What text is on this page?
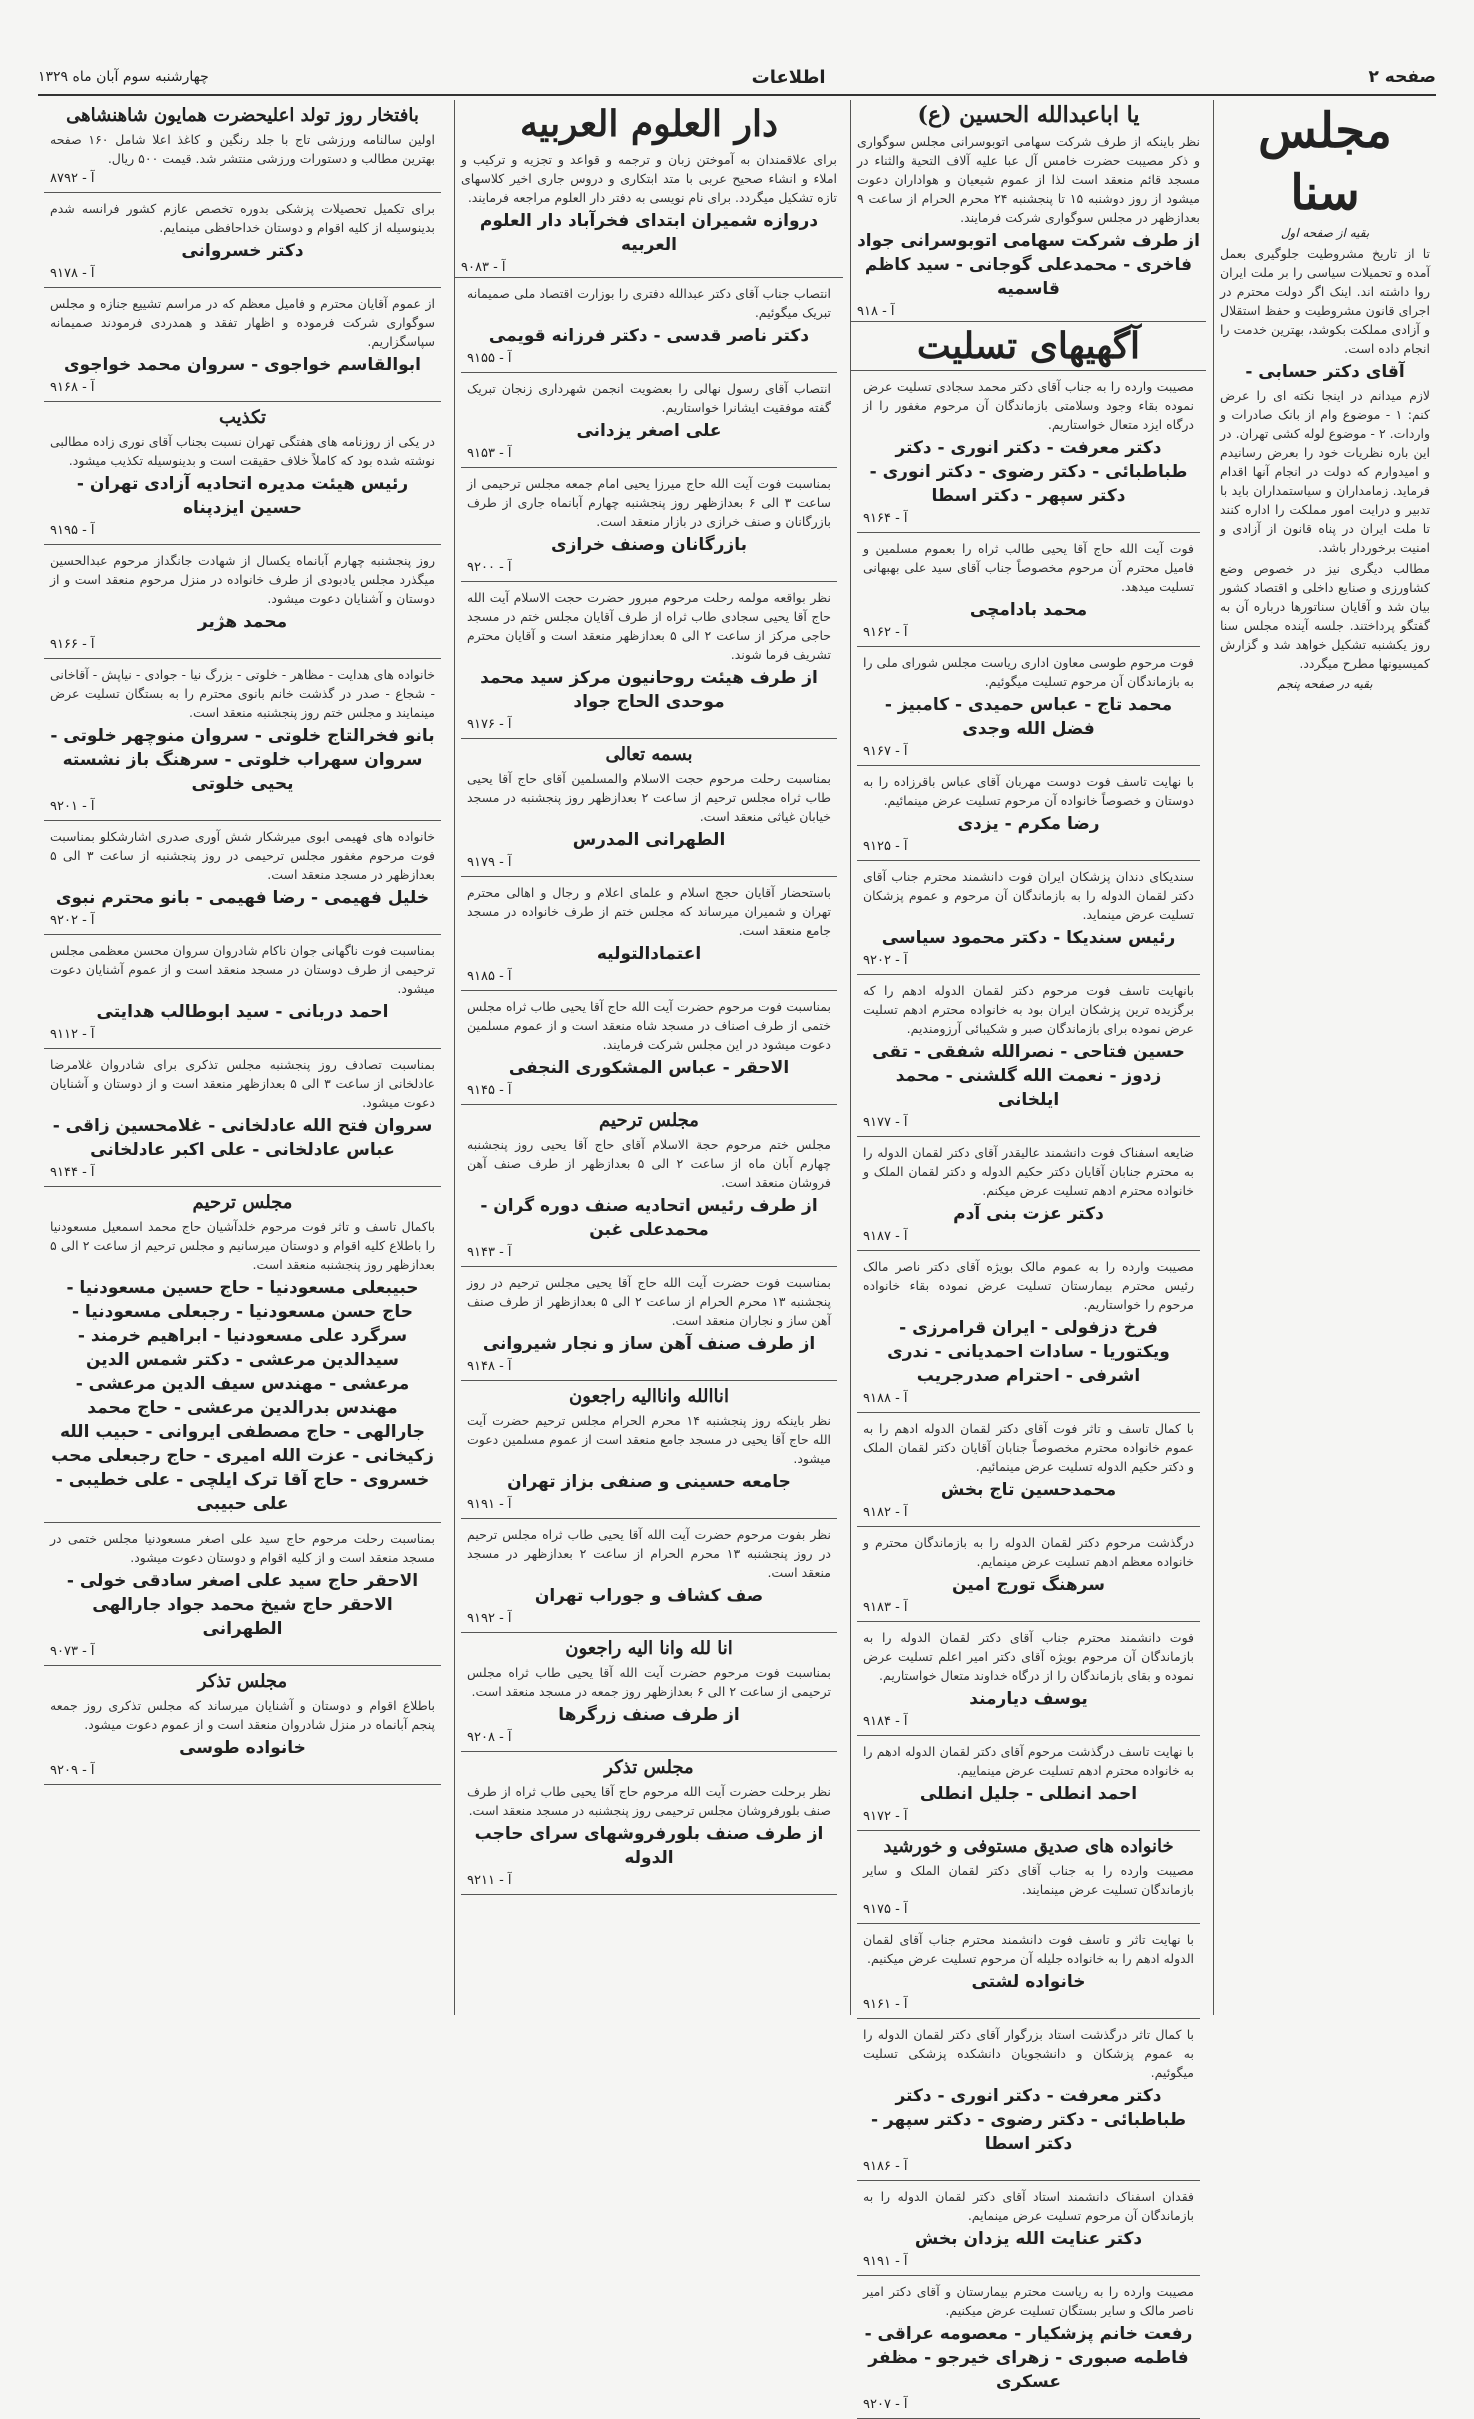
صفحه ۲
اطلاعات
چهارشنبه سوم آبان ماه ۱۳۲۹
مجلس سنا
بقیه از صفحه اول

تا از تاریخ مشروطیت جلوگیری بعمل آمده و تحمیلات سیاسی را بر ملت ایران روا داشته اند. اینک اگر دولت محترم در اجرای قانون مشروطیت و حفظ استقلال و آزادی مملکت بکوشد، بهترین خدمت را انجام داده است.

آقای دکتر حسابی -

لازم میدانم در اینجا نکته ای را عرض کنم: ۱ - موضوع وام از بانک صادرات و واردات. ۲ - موضوع لوله کشی تهران. در این باره نظریات خود را بعرض رسانیدم و امیدوارم که دولت در انجام آنها اقدام فرماید. زمامداران و سیاستمداران باید با تدبیر و درایت امور مملکت را اداره کنند تا ملت ایران در پناه قانون از آزادی و امنیت برخوردار باشد.

مطالب دیگری نیز در خصوص وضع کشاورزی و صنایع داخلی و اقتصاد کشور بیان شد و آقایان سناتورها درباره آن به گفتگو پرداختند. جلسه آینده مجلس سنا روز یکشنبه تشکیل خواهد شد و گزارش کمیسیونها مطرح میگردد.

بقیه در صفحه پنجم
یا اباعبدالله الحسین (ع)

نظر باینکه از طرف شرکت سهامی اتوبوسرانی مجلس سوگواری و ذکر مصیبت حضرت خامس آل عبا علیه آلاف التحیة والثناء در مسجد قائم منعقد است لذا از عموم شیعیان و هواداران دعوت میشود از روز دوشنبه ۱۵ تا پنجشنبه ۲۴ محرم الحرام از ساعت ۹ بعدازظهر در مجلس سوگواری شرکت فرمایند.

از طرف شرکت سهامی اتوبوسرانی جواد فاخری - محمدعلی گوجانی - سید کاظم قاسمیه

آ - ۹۱۸

آگهیهای تسلیت

مصیبت وارده را به جناب آقای دکتر محمد سجادی تسلیت عرض نموده بقاء وجود وسلامتی بازماندگان آن مرحوم مغفور را از درگاه ایزد متعال خواستاریم.

دکتر معرفت - دکتر انوری - دکتر طباطبائی - دکتر رضوی - دکتر انوری - دکتر سپهر - دکتر اسطا

آ - ۹۱۶۴

فوت آیت الله حاج آقا یحیی طالب ثراه را بعموم مسلمین و فامیل محترم آن مرحوم مخصوصاً جناب آقای سید علی بهبهانی تسلیت میدهد.

محمد بادامچی

آ - ۹۱۶۲

فوت مرحوم طوسی معاون اداری ریاست مجلس شورای ملی را به بازماندگان آن مرحوم تسلیت میگوئیم.

محمد تاج - عباس حمیدی - کامبیز - فضل الله وجدی

آ - ۹۱۶۷

با نهایت تاسف فوت دوست مهربان آقای عباس باقرزاده را به دوستان و خصوصاً خانواده آن مرحوم تسلیت عرض مینمائیم.

رضا مکرم - یزدی

آ - ۹۱۲۵

سندیکای دندان پزشکان ایران فوت دانشمند محترم جناب آقای دکتر لقمان الدوله را به بازماندگان آن مرحوم و عموم پزشکان تسلیت عرض مینماید.

رئیس سندیکا - دکتر محمود سیاسی

آ - ۹۲۰۲

بانهایت تاسف فوت مرحوم دکتر لقمان الدوله ادهم را که برگزیده ترین پزشکان ایران بود به خانواده محترم ادهم تسلیت عرض نموده برای بازماندگان صبر و شکیبائی آرزومندیم.

حسین فتاحی - نصرالله شفقی - تقی زدوز - نعمت الله گلشنی - محمد ایلخانی

آ - ۹۱۷۷

ضایعه اسفناک فوت دانشمند عالیقدر آقای دکتر لقمان الدوله را به محترم جنابان آقایان دکتر حکیم الدوله و دکتر لقمان الملک و خانواده محترم ادهم تسلیت عرض میکنم.

دکتر عزت بنی آدم

آ - ۹۱۸۷

مصیبت وارده را به عموم مالک بویژه آقای دکتر ناصر مالک رئیس محترم بیمارستان تسلیت عرض نموده بقاء خانواده مرحوم را خواستاریم.

فرخ دزفولی - ایران قرامرزی - ویکتوریا - سادات احمدیانی - ندری اشرفی - احترام صدرجریب

آ - ۹۱۸۸

با کمال تاسف و تاثر فوت آقای دکتر لقمان الدوله ادهم را به عموم خانواده محترم مخصوصاً جنابان آقایان دکتر لقمان الملک و دکتر حکیم الدوله تسلیت عرض مینمائیم.

محمدحسین تاج بخش

آ - ۹۱۸۲

درگذشت مرحوم دکتر لقمان الدوله را به بازماندگان محترم و خانواده معظم ادهم تسلیت عرض مینمایم.

سرهنگ تورج امین

آ - ۹۱۸۳

فوت دانشمند محترم جناب آقای دکتر لقمان الدوله را به بازماندگان آن مرحوم بویژه آقای دکتر امیر اعلم تسلیت عرض نموده و بقای بازماندگان را از درگاه خداوند متعال خواستاریم.

یوسف دیارمند

آ - ۹۱۸۴

با نهایت تاسف درگذشت مرحوم آقای دکتر لقمان الدوله ادهم را به خانواده محترم ادهم تسلیت عرض مینماییم.

احمد انطلی - جلیل انطلی

آ - ۹۱۷۲

خانواده های صدیق مستوفی و خورشید

مصیبت وارده را به جناب آقای دکتر لقمان الملک و سایر بازماندگان تسلیت عرض مینمایند.

آ - ۹۱۷۵

با نهایت تاثر و تاسف فوت دانشمند محترم جناب آقای لقمان الدوله ادهم را به خانواده جلیله آن مرحوم تسلیت عرض میکنیم.

خانواده لشتی

آ - ۹۱۶۱

با کمال تاثر درگذشت استاد بزرگوار آقای دکتر لقمان الدوله را به عموم پزشکان و دانشجویان دانشکده پزشکی تسلیت میگوئیم.

دکتر معرفت - دکتر انوری - دکتر طباطبائی - دکتر رضوی - دکتر سپهر - دکتر اسطا

آ - ۹۱۸۶

فقدان اسفناک دانشمند استاد آقای دکتر لقمان الدوله را به بازماندگان آن مرحوم تسلیت عرض مینمایم.

دکتر عنایت الله یزدان بخش

آ - ۹۱۹۱

مصیبت وارده را به ریاست محترم بیمارستان و آقای دکتر امیر ناصر مالک و سایر بستگان تسلیت عرض میکنیم.

رفعت خانم پزشکیار - معصومه عراقی - فاطمه صبوری - زهرای خیرجو - مظفر عسکری

آ - ۹۲۰۷

دار العلوم العربیه

برای علاقمندان به آموختن زبان و ترجمه و قواعد و تجزیه و ترکیب و املاء و انشاء صحیح عربی با متد ابتکاری و دروس جاری اخیر کلاسهای تازه تشکیل میگردد. برای نام نویسی به دفتر دار العلوم مراجعه فرمایند.

دروازه شمیران ابتدای فخرآباد دار العلوم العربیه

آ - ۹۰۸۳

انتصاب جناب آقای دکتر عبدالله دفتری را بوزارت اقتصاد ملی صمیمانه تبریک میگوئیم.

دکتر ناصر قدسی - دکتر فرزانه قویمی

آ - ۹۱۵۵

انتصاب آقای رسول نهالی را بعضویت انجمن شهرداری زنجان تبریک گفته موفقیت ایشانرا خواستاریم.

علی اصغر یزدانی

آ - ۹۱۵۳

بمناسبت فوت آیت الله حاج میرزا یحیی امام جمعه مجلس ترحیمی از ساعت ۳ الی ۶ بعدازظهر روز پنجشنبه چهارم آبانماه جاری از طرف بازرگانان و صنف خرازی در بازار منعقد است.

بازرگانان وصنف خرازی

آ - ۹۲۰۰

نظر بواقعه مولمه رحلت مرحوم مبرور حضرت حجت الاسلام آیت الله حاج آقا یحیی سجادی طاب ثراه از طرف آقایان مجلس ختم در مسجد حاجی مرکز از ساعت ۲ الی ۵ بعدازظهر منعقد است و آقایان محترم تشریف فرما شوند.

از طرف هیئت روحانیون مرکز سید محمد موحدی الحاج جواد

آ - ۹۱۷۶

بسمه تعالی

بمناسبت رحلت مرحوم حجت الاسلام والمسلمین آقای حاج آقا یحیی طاب ثراه مجلس ترحیم از ساعت ۲ بعدازظهر روز پنجشنبه در مسجد خیابان غیاثی منعقد است.

الطهرانی المدرس

آ - ۹۱۷۹

باستحضار آقایان حجج اسلام و علمای اعلام و رجال و اهالی محترم تهران و شمیران میرساند که مجلس ختم از طرف خانواده در مسجد جامع منعقد است.

اعتمادالتولیه

آ - ۹۱۸۵

بمناسبت فوت مرحوم حضرت آیت الله حاج آقا یحیی طاب ثراه مجلس ختمی از طرف اصناف در مسجد شاه منعقد است و از عموم مسلمین دعوت میشود در این مجلس شرکت فرمایند.

الاحقر - عباس المشکوری النجفی

آ - ۹۱۴۵

مجلس ترحیم

مجلس ختم مرحوم حجة الاسلام آقای حاج آقا یحیی روز پنجشنبه چهارم آبان ماه از ساعت ۲ الی ۵ بعدازظهر از طرف صنف آهن فروشان منعقد است.

از طرف رئیس اتحادیه صنف دوره گران - محمدعلی غبن

آ - ۹۱۴۳

بمناسبت فوت حضرت آیت الله حاج آقا یحیی مجلس ترحیم در روز پنجشنبه ۱۳ محرم الحرام از ساعت ۲ الی ۵ بعدازظهر از طرف صنف آهن ساز و نجاران منعقد است.

از طرف صنف آهن ساز و نجار شیروانی

آ - ۹۱۴۸

اناالله واناالیه راجعون

نظر باینکه روز پنجشنبه ۱۴ محرم الحرام مجلس ترحیم حضرت آیت الله حاج آقا یحیی در مسجد جامع منعقد است از عموم مسلمین دعوت میشود.

جامعه حسینی و صنفی بزاز تهران

آ - ۹۱۹۱

نظر بفوت مرحوم حضرت آیت الله آقا یحیی طاب ثراه مجلس ترحیم در روز پنجشنبه ۱۳ محرم الحرام از ساعت ۲ بعدازظهر در مسجد منعقد است.

صف کشاف و جوراب تهران

آ - ۹۱۹۲

انا لله وانا الیه راجعون

بمناسبت فوت مرحوم حضرت آیت الله آقا یحیی طاب ثراه مجلس ترحیمی از ساعت ۲ الی ۶ بعدازظهر روز جمعه در مسجد منعقد است.

از طرف صنف زرگرها

آ - ۹۲۰۸

مجلس تذکر

نظر برحلت حضرت آیت الله مرحوم حاج آقا یحیی طاب ثراه از طرف صنف بلورفروشان مجلس ترحیمی روز پنجشنبه در مسجد منعقد است.

از طرف صنف بلورفروشهای سرای حاجب الدوله

آ - ۹۲۱۱

بافتخار روز تولد اعلیحضرت همایون شاهنشاهی

اولین سالنامه ورزشی تاج با جلد رنگین و کاغذ اعلا شامل ۱۶۰ صفحه بهترین مطالب و دستورات ورزشی منتشر شد. قیمت ۵۰۰ ریال.

آ - ۸۷۹۲

برای تکمیل تحصیلات پزشکی بدوره تخصص عازم کشور فرانسه شدم بدینوسیله از کلیه اقوام و دوستان خداحافظی مینمایم.

دکتر خسروانی

آ - ۹۱۷۸

از عموم آقایان محترم و فامیل معظم که در مراسم تشییع جنازه و مجلس سوگواری شرکت فرموده و اظهار تفقد و همدردی فرمودند صمیمانه سپاسگزاریم.

ابوالقاسم خواجوی - سروان محمد خواجوی

آ - ۹۱۶۸

تکذیب

در یکی از روزنامه های هفتگی تهران نسبت بجناب آقای نوری زاده مطالبی نوشته شده بود که کاملاً خلاف حقیقت است و بدینوسیله تکذیب میشود.

رئیس هیئت مدیره اتحادیه آزادی تهران - حسین ایزدپناه

آ - ۹۱۹۵

روز پنجشنبه چهارم آبانماه یکسال از شهادت جانگداز مرحوم عبدالحسین میگذرد مجلس یادبودی از طرف خانواده در منزل مرحوم منعقد است و از دوستان و آشنایان دعوت میشود.

محمد هژیر

آ - ۹۱۶۶

خانواده های هدایت - مظاهر - خلوتی - بزرگ نیا - جوادی - نیاپش - آقاخانی - شجاع - صدر در گذشت خانم بانوی محترم را به بستگان تسلیت عرض مینمایند و مجلس ختم روز پنجشنبه منعقد است.

بانو فخرالتاج خلوتی - سروان منوچهر خلوتی - سروان سهراب خلوتی - سرهنگ باز نشسته یحیی خلوتی

آ - ۹۲۰۱

خانواده های فهیمی ابوی میرشکار شش آوری صدری اشارشکلو بمناسبت فوت مرحوم مغفور مجلس ترحیمی در روز پنجشنبه از ساعت ۳ الی ۵ بعدازظهر در مسجد منعقد است.

خلیل فهیمی - رضا فهیمی - بانو محترم نبوی

آ - ۹۲۰۲

بمناسبت فوت ناگهانی جوان ناکام شادروان سروان محسن معظمی مجلس ترحیمی از طرف دوستان در مسجد منعقد است و از عموم آشنایان دعوت میشود.

احمد دربانی - سید ابوطالب هدایتی

آ - ۹۱۱۲

بمناسبت تصادف روز پنجشنبه مجلس تذکری برای شادروان غلامرضا عادلخانی از ساعت ۳ الی ۵ بعدازظهر منعقد است و از دوستان و آشنایان دعوت میشود.

سروان فتح الله عادلخانی - غلامحسین زاقی - عباس عادلخانی - علی اکبر عادلخانی

آ - ۹۱۴۴

مجلس ترحیم

باکمال تاسف و تاثر فوت مرحوم خلدآشیان حاج محمد اسمعیل مسعودنیا را باطلاع کلیه اقوام و دوستان میرسانیم و مجلس ترحیم از ساعت ۲ الی ۵ بعدازظهر روز پنجشنبه منعقد است.

حبیبعلی مسعودنیا - حاج حسین مسعودنیا - حاج حسن مسعودنیا - رجبعلی مسعودنیا - سرگرد علی مسعودنیا - ابراهیم خرمند - سیدالدین مرعشی - دکتر شمس الدین مرعشی - مهندس سیف الدین مرعشی - مهندس بدرالدین مرعشی - حاج محمد جارالهی - حاج مصطفی ایروانی - حبیب الله زکیخانی - عزت الله امیری - حاج رجبعلی محب خسروی - حاج آقا ترک ایلچی - علی خطیبی - علی حبیبی

بمناسبت رحلت مرحوم حاج سید علی اصغر مسعودنیا مجلس ختمی در مسجد منعقد است و از کلیه اقوام و دوستان دعوت میشود.

الاحقر حاج سید علی اصغر سادقی خولی - الاحقر حاج شیخ محمد جواد جارالهی الطهرانی

آ - ۹۰۷۳

مجلس تذکر

باطلاع اقوام و دوستان و آشنایان میرساند که مجلس تذکری روز جمعه پنجم آبانماه در منزل شادروان منعقد است و از عموم دعوت میشود.

خانواده طوسی

آ - ۹۲۰۹
